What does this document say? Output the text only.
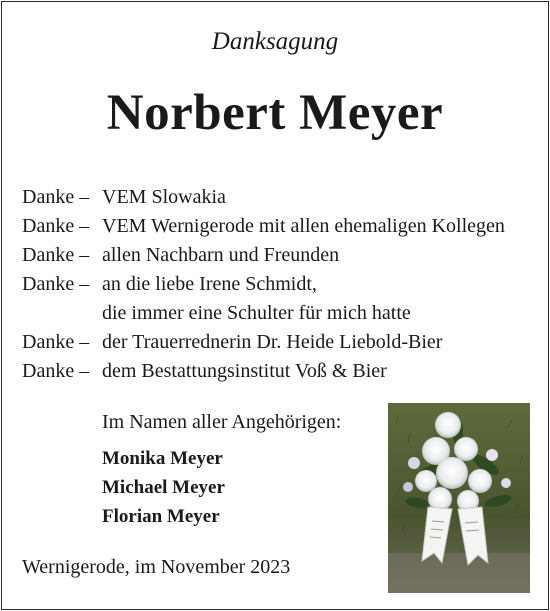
Danksagung
Norbert Meyer
Danke – VEM Slowakia
Danke – VEM Wernigerode mit allen ehemaligen Kollegen
Danke – allen Nachbarn und Freunden
Danke – an die liebe Irene Schmidt,
die immer eine Schulter für mich hatte
Danke – der Trauerrednerin Dr. Heide Liebold-Bier
Danke – dem Bestattungsinstitut Voß & Bier
Im Namen aller Angehörigen:
Monika Meyer
Michael Meyer
Florian Meyer
Wernigerode, im November 2023
